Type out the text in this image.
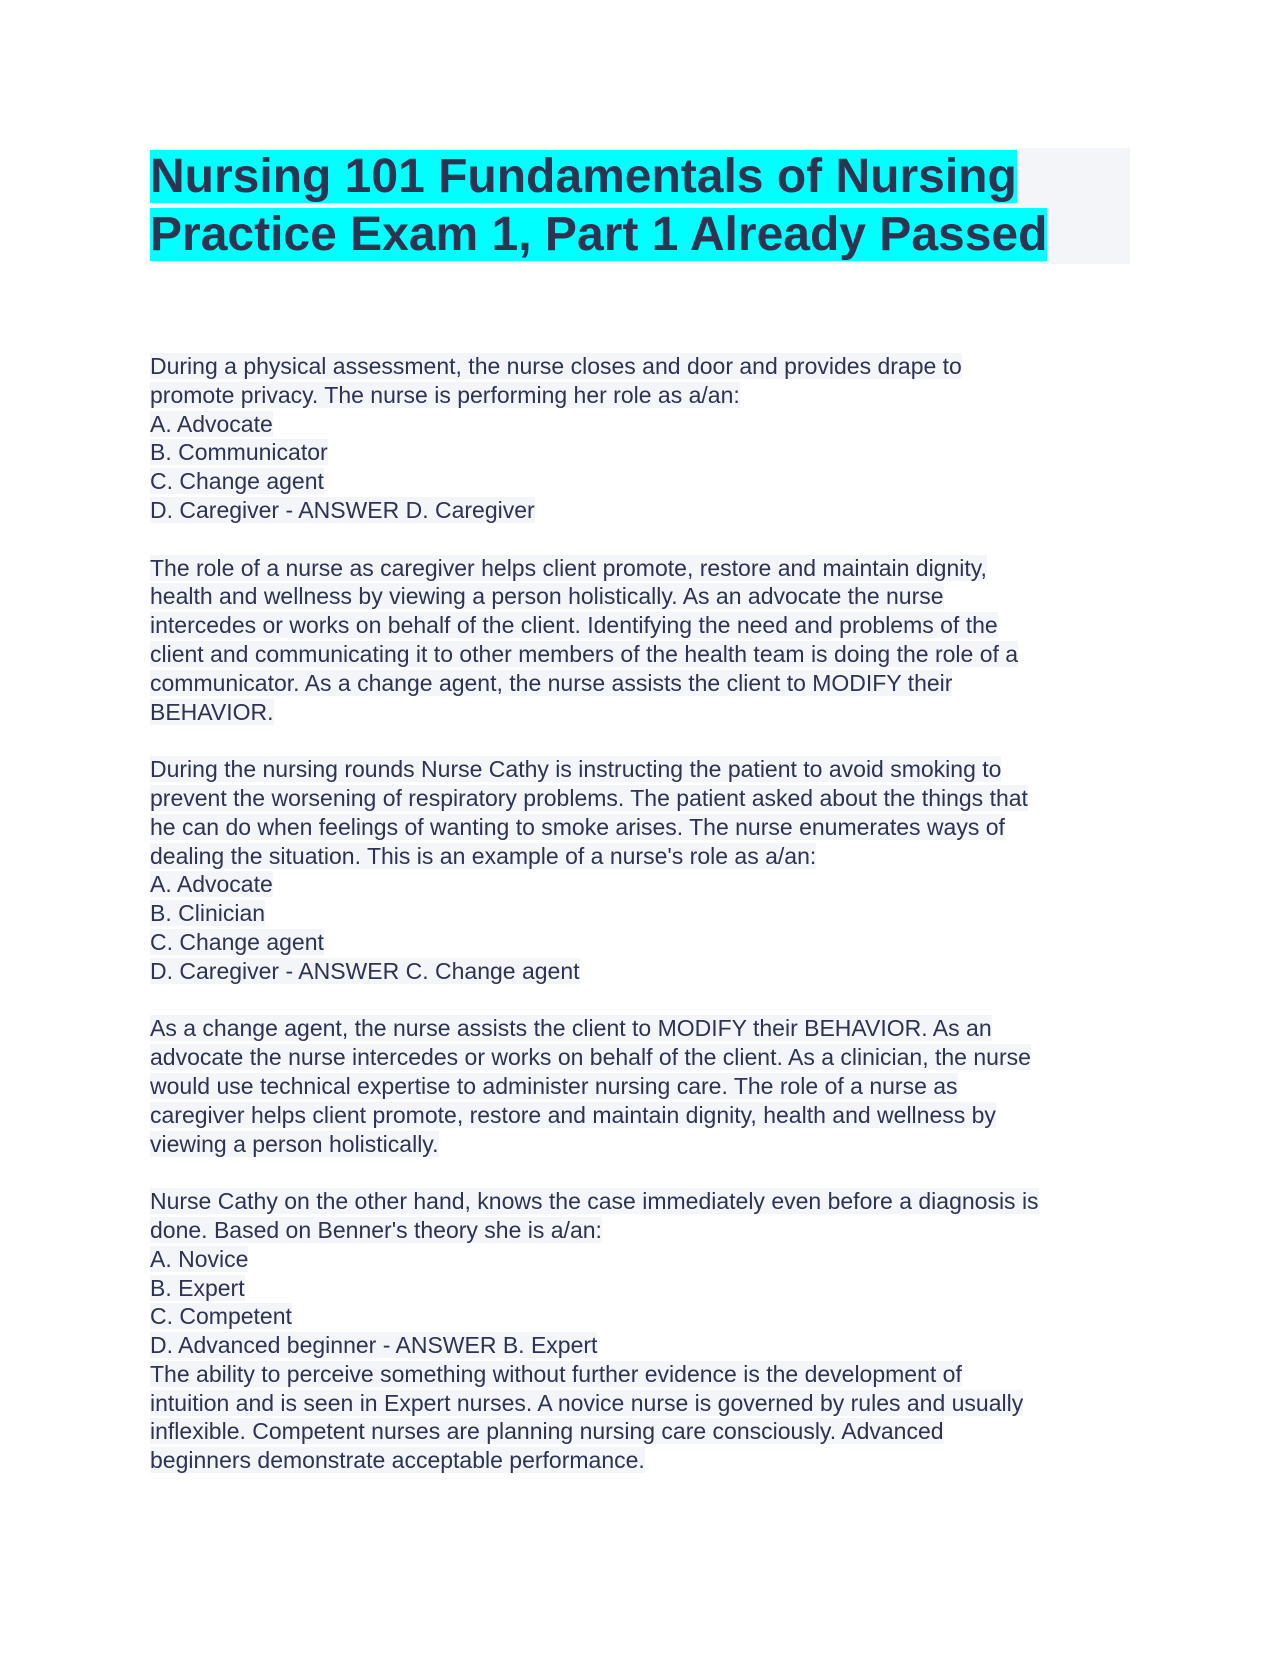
Nursing 101 Fundamentals of Nursing
Practice Exam 1, Part 1 Already Passed
During a physical assessment, the nurse closes and door and provides drape to
promote privacy. The nurse is performing her role as a/an:
A. Advocate
B. Communicator
C. Change agent
D. Caregiver - ANSWER D. Caregiver
The role of a nurse as caregiver helps client promote, restore and maintain dignity,
health and wellness by viewing a person holistically. As an advocate the nurse
intercedes or works on behalf of the client. Identifying the need and problems of the
client and communicating it to other members of the health team is doing the role of a
communicator. As a change agent, the nurse assists the client to MODIFY their
BEHAVIOR.
During the nursing rounds Nurse Cathy is instructing the patient to avoid smoking to
prevent the worsening of respiratory problems. The patient asked about the things that
he can do when feelings of wanting to smoke arises. The nurse enumerates ways of
dealing the situation. This is an example of a nurse's role as a/an:
A. Advocate
B. Clinician
C. Change agent
D. Caregiver - ANSWER C. Change agent
As a change agent, the nurse assists the client to MODIFY their BEHAVIOR. As an
advocate the nurse intercedes or works on behalf of the client. As a clinician, the nurse
would use technical expertise to administer nursing care. The role of a nurse as
caregiver helps client promote, restore and maintain dignity, health and wellness by
viewing a person holistically.
Nurse Cathy on the other hand, knows the case immediately even before a diagnosis is
done. Based on Benner's theory she is a/an:
A. Novice
B. Expert
C. Competent
D. Advanced beginner - ANSWER B. Expert
The ability to perceive something without further evidence is the development of
intuition and is seen in Expert nurses. A novice nurse is governed by rules and usually
inflexible. Competent nurses are planning nursing care consciously. Advanced
beginners demonstrate acceptable performance.
